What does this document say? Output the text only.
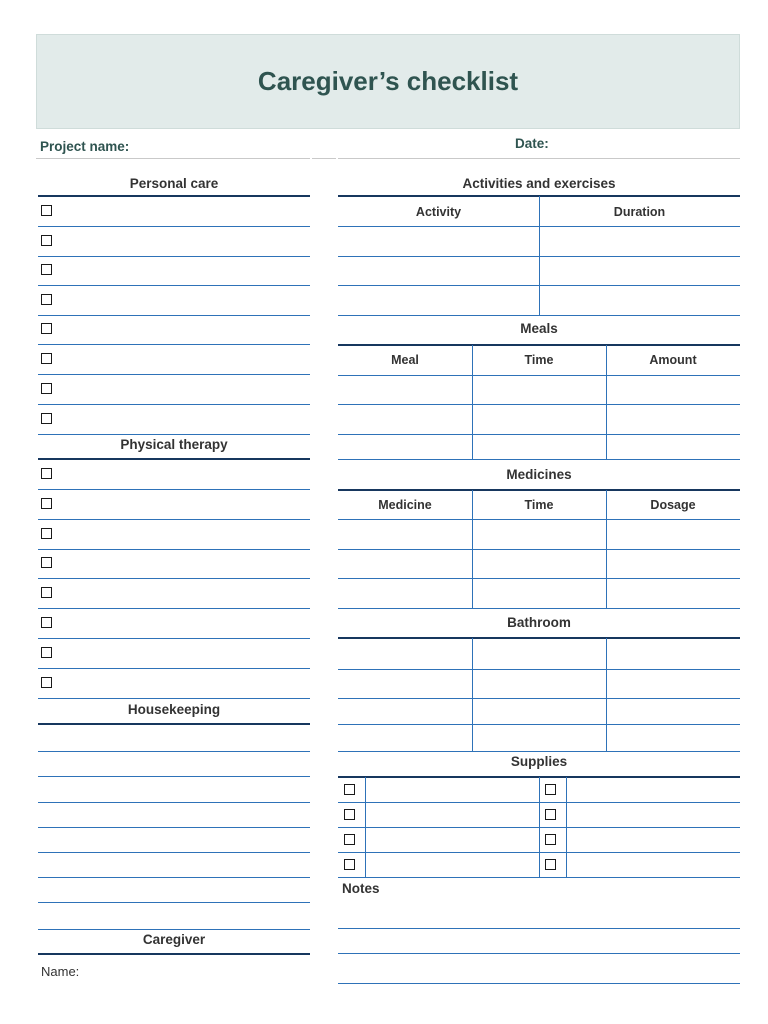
Caregiver’s checklist
Project name:	Date:
Personal care
Physical therapy
Housekeeping
Caregiver
Name:
Activities and exercises
Activity	Duration
Meals
Meal	Time	Amount
Medicines
Medicine	Time	Dosage
Bathroom
Supplies
Notes
